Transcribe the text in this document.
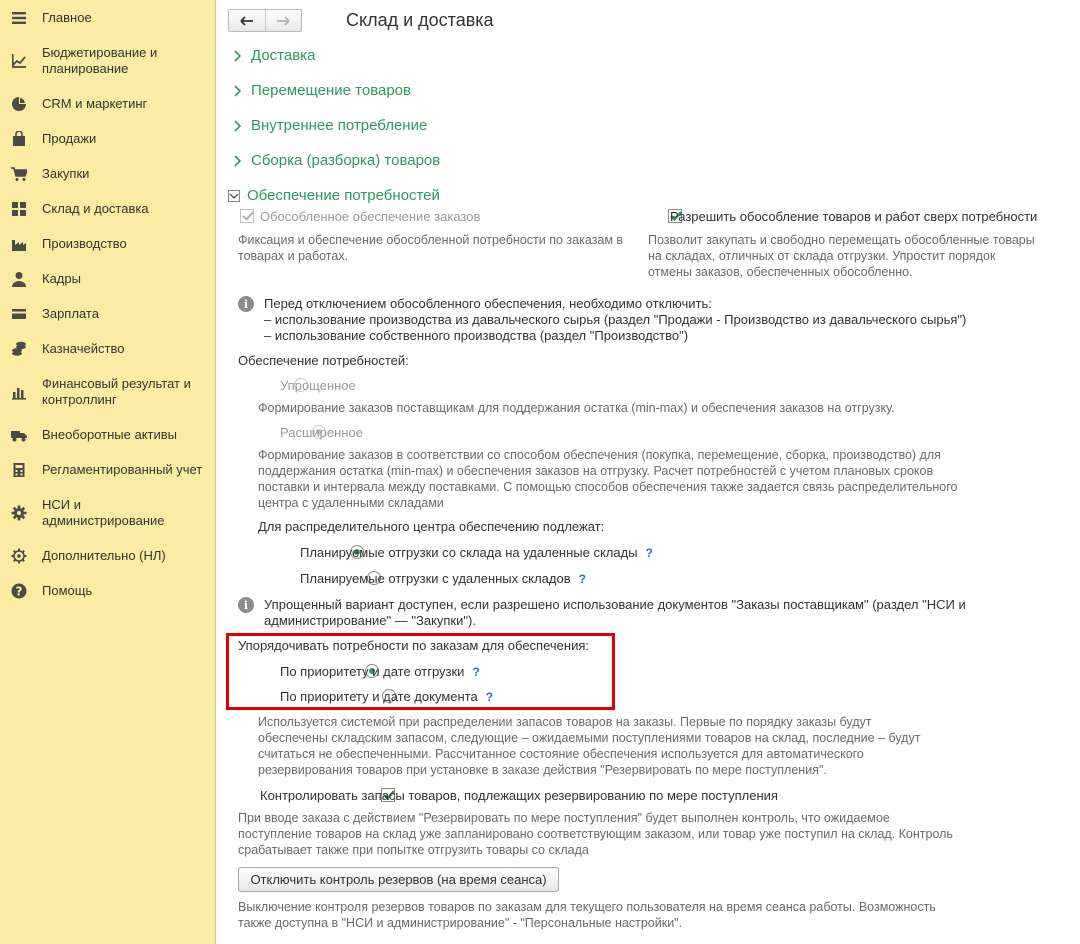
Главное
Бюджетирование и планирование
CRM и маркетинг
Продажи
Закупки
Склад и доставка
Производство
Кадры
Зарплата
Казначейство
Финансовый результат и контроллинг
Внеоборотные активы
Регламентированный учет
НСИ и администрирование
Дополнительно (НЛ)
? Помощь
Склад и доставка
Доставка
Перемещение товаров
Внутреннее потребление
Сборка (разборка) товаров
Обеспечение потребностей

Обособленное обеспечение заказов
Фиксация и обеспечение обособленной потребности по заказам в
товарах и работах.

Разрешить обособление товаров и работ сверх потребности
Позволит закупать и свободно перемещать обособленные товары
на складах, отличных от склада отгрузки. Упростит порядок
отмены заказов, обеспеченных обособленно.
i	Перед отключением обособленного обеспечения, необходимо отключить:
– использование производства из давальческого сырья (раздел "Продажи - Производство из давальческого сырья")
– использование собственного производства (раздел "Производство")
Обеспечение потребностей:

Упрощенное
Формирование заказов поставщикам для поддержания остатка (min-max) и обеспечения заказов на отгрузку.

Расширенное
Формирование заказов в соответствии со способом обеспечения (покупка, перемещение, сборка, производство) для
поддержания остатка (min-max) и обеспечения заказов на отгрузку. Расчет потребностей с учетом плановых сроков
поставки и интервала между поставками. С помощью способов обеспечения также задается связь распределительного
центра с удаленными складами
Для распределительного центра обеспечению подлежат:

Планируемые отгрузки со склада на удаленные склады ?

Планируемые отгрузки с удаленных складов ?
i	Упрощенный вариант доступен, если разрешено использование документов "Заказы поставщикам" (раздел "НСИ и
администрирование" — "Закупки").
Упорядочивать потребности по заказам для обеспечения:

По приоритету и дате отгрузки ?

По приоритету и дате документа ?
Используется системой при распределении запасов товаров на заказы. Первые по порядку заказы будут
обеспечены складским запасом, следующие – ожидаемыми поступлениями товаров на склад, последние – будут
считаться не обеспеченными. Рассчитанное состояние обеспечения используется для автоматического
резервирования товаров при установке в заказе действия "Резервировать по мере поступления".
Контролировать запасы товаров, подлежащих резервированию по мере поступления
При вводе заказа с действием "Резервировать по мере поступления" будет выполнен контроль, что ожидаемое
поступление товаров на склад уже запланировано соответствующим заказом, или товар уже поступил на склад. Контроль
срабатывает также при попытке отгрузить товары со склада
Отключить контроль резервов (на время сеанса)
Выключение контроля резервов товаров по заказам для текущего пользователя на время сеанса работы. Возможность
также доступна в "НСИ и администрирование" - "Персональные настройки".
